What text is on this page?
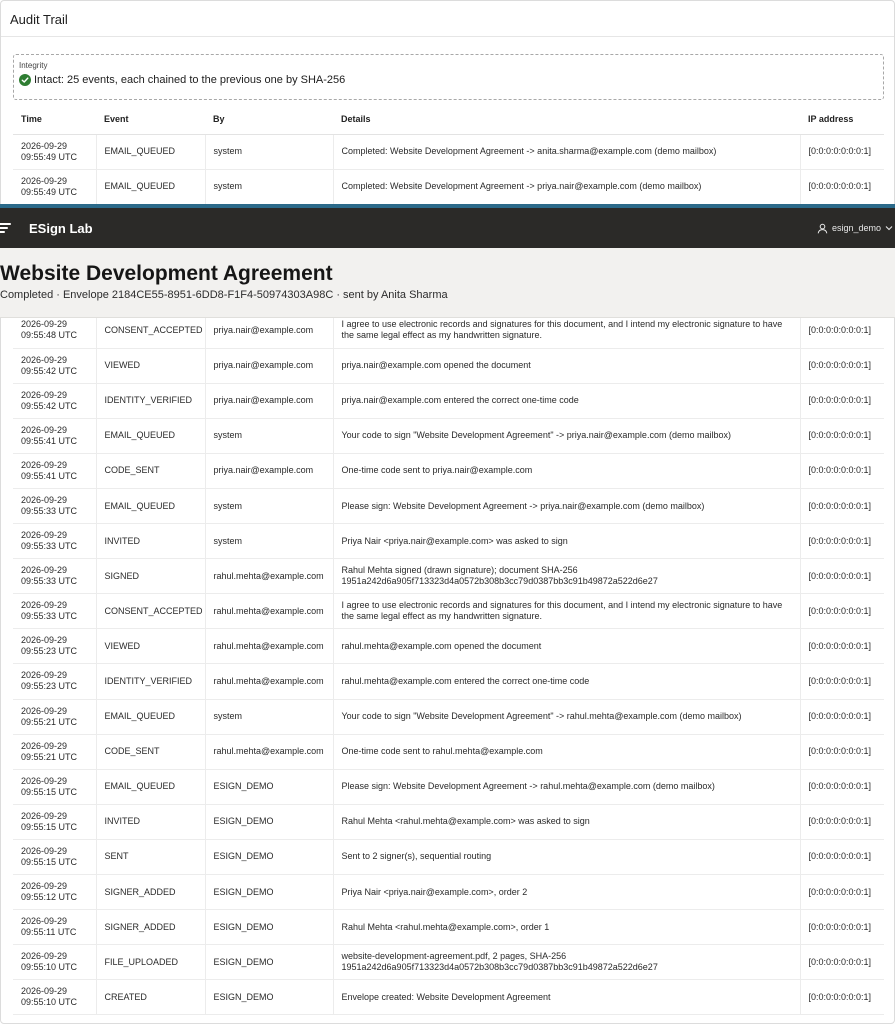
Audit Trail
Integrity
Intact: 25 events, each chained to the previous one by SHA-256
Time	Event	By	Details	IP address

2026-09-29
09:55:49 UTC	EMAIL_QUEUED	system	Completed: Website Development Agreement -> anita.sharma@example.com (demo mailbox)	[0:0:0:0:0:0:0:1]

2026-09-29
09:55:49 UTC	EMAIL_QUEUED	system	Completed: Website Development Agreement -> priya.nair@example.com (demo mailbox)	[0:0:0:0:0:0:0:1]
2026-09-29
09:55:48 UTC	CONSENT_ACCEPTED	priya.nair@example.com	I agree to use electronic records and signatures for this document, and I intend my electronic signature to have the same legal effect as my handwritten signature.	[0:0:0:0:0:0:0:1]

2026-09-29
09:55:42 UTC	VIEWED	priya.nair@example.com	priya.nair@example.com opened the document	[0:0:0:0:0:0:0:1]

2026-09-29
09:55:42 UTC	IDENTITY_VERIFIED	priya.nair@example.com	priya.nair@example.com entered the correct one-time code	[0:0:0:0:0:0:0:1]

2026-09-29
09:55:41 UTC	EMAIL_QUEUED	system	Your code to sign "Website Development Agreement" -> priya.nair@example.com (demo mailbox)	[0:0:0:0:0:0:0:1]

2026-09-29
09:55:41 UTC	CODE_SENT	priya.nair@example.com	One-time code sent to priya.nair@example.com	[0:0:0:0:0:0:0:1]

2026-09-29
09:55:33 UTC	EMAIL_QUEUED	system	Please sign: Website Development Agreement -> priya.nair@example.com (demo mailbox)	[0:0:0:0:0:0:0:1]

2026-09-29
09:55:33 UTC	INVITED	system	Priya Nair <priya.nair@example.com> was asked to sign	[0:0:0:0:0:0:0:1]

2026-09-29
09:55:33 UTC	SIGNED	rahul.mehta@example.com	Rahul Mehta signed (drawn signature); document SHA-256 1951a242d6a905f713323d4a0572b308b3cc79d0387bb3c91b49872a522d6e27	[0:0:0:0:0:0:0:1]

2026-09-29
09:55:33 UTC	CONSENT_ACCEPTED	rahul.mehta@example.com	I agree to use electronic records and signatures for this document, and I intend my electronic signature to have the same legal effect as my handwritten signature.	[0:0:0:0:0:0:0:1]

2026-09-29
09:55:23 UTC	VIEWED	rahul.mehta@example.com	rahul.mehta@example.com opened the document	[0:0:0:0:0:0:0:1]

2026-09-29
09:55:23 UTC	IDENTITY_VERIFIED	rahul.mehta@example.com	rahul.mehta@example.com entered the correct one-time code	[0:0:0:0:0:0:0:1]

2026-09-29
09:55:21 UTC	EMAIL_QUEUED	system	Your code to sign "Website Development Agreement" -> rahul.mehta@example.com (demo mailbox)	[0:0:0:0:0:0:0:1]

2026-09-29
09:55:21 UTC	CODE_SENT	rahul.mehta@example.com	One-time code sent to rahul.mehta@example.com	[0:0:0:0:0:0:0:1]

2026-09-29
09:55:15 UTC	EMAIL_QUEUED	ESIGN_DEMO	Please sign: Website Development Agreement -> rahul.mehta@example.com (demo mailbox)	[0:0:0:0:0:0:0:1]

2026-09-29
09:55:15 UTC	INVITED	ESIGN_DEMO	Rahul Mehta <rahul.mehta@example.com> was asked to sign	[0:0:0:0:0:0:0:1]

2026-09-29
09:55:15 UTC	SENT	ESIGN_DEMO	Sent to 2 signer(s), sequential routing	[0:0:0:0:0:0:0:1]

2026-09-29
09:55:12 UTC	SIGNER_ADDED	ESIGN_DEMO	Priya Nair <priya.nair@example.com>, order 2	[0:0:0:0:0:0:0:1]

2026-09-29
09:55:11 UTC	SIGNER_ADDED	ESIGN_DEMO	Rahul Mehta <rahul.mehta@example.com>, order 1	[0:0:0:0:0:0:0:1]

2026-09-29
09:55:10 UTC	FILE_UPLOADED	ESIGN_DEMO	website-development-agreement.pdf, 2 pages, SHA-256 1951a242d6a905f713323d4a0572b308b3cc79d0387bb3c91b49872a522d6e27	[0:0:0:0:0:0:0:1]

2026-09-29
09:55:10 UTC	CREATED	ESIGN_DEMO	Envelope created: Website Development Agreement	[0:0:0:0:0:0:0:1]
ESign Lab	esign_demo
Website Development Agreement
Completed · Envelope 2184CE55-8951-6DD8-F1F4-50974303A98C · sent by Anita Sharma
